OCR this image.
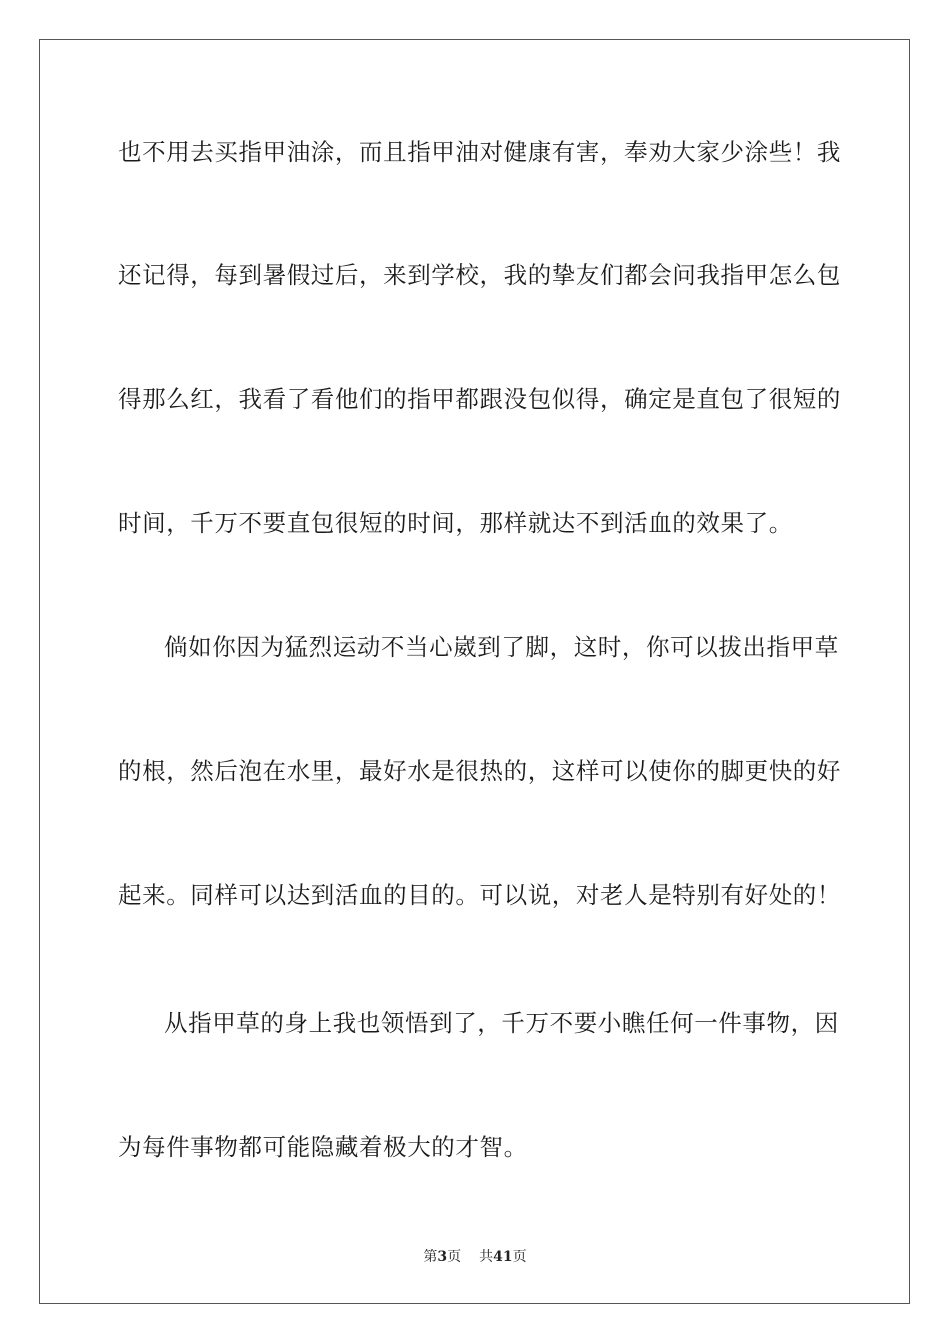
也不用去买指甲油涂，而且指甲油对健康有害，奉劝大家少涂些！我
还记得，每到暑假过后，来到学校，我的挚友们都会问我指甲怎么包
得那么红，我看了看他们的指甲都跟没包似得，确定是直包了很短的
时间，千万不要直包很短的时间，那样就达不到活血的效果了。
倘如你因为猛烈运动不当心崴到了脚，这时，你可以拔出指甲草
的根，然后泡在水里，最好水是很热的，这样可以使你的脚更快的好
起来。同样可以达到活血的目的。可以说，对老人是特别有好处的！
从指甲草的身上我也领悟到了，千万不要小瞧任何一件事物，因
为每件事物都可能隐藏着极大的才智。
第3页 共41页
